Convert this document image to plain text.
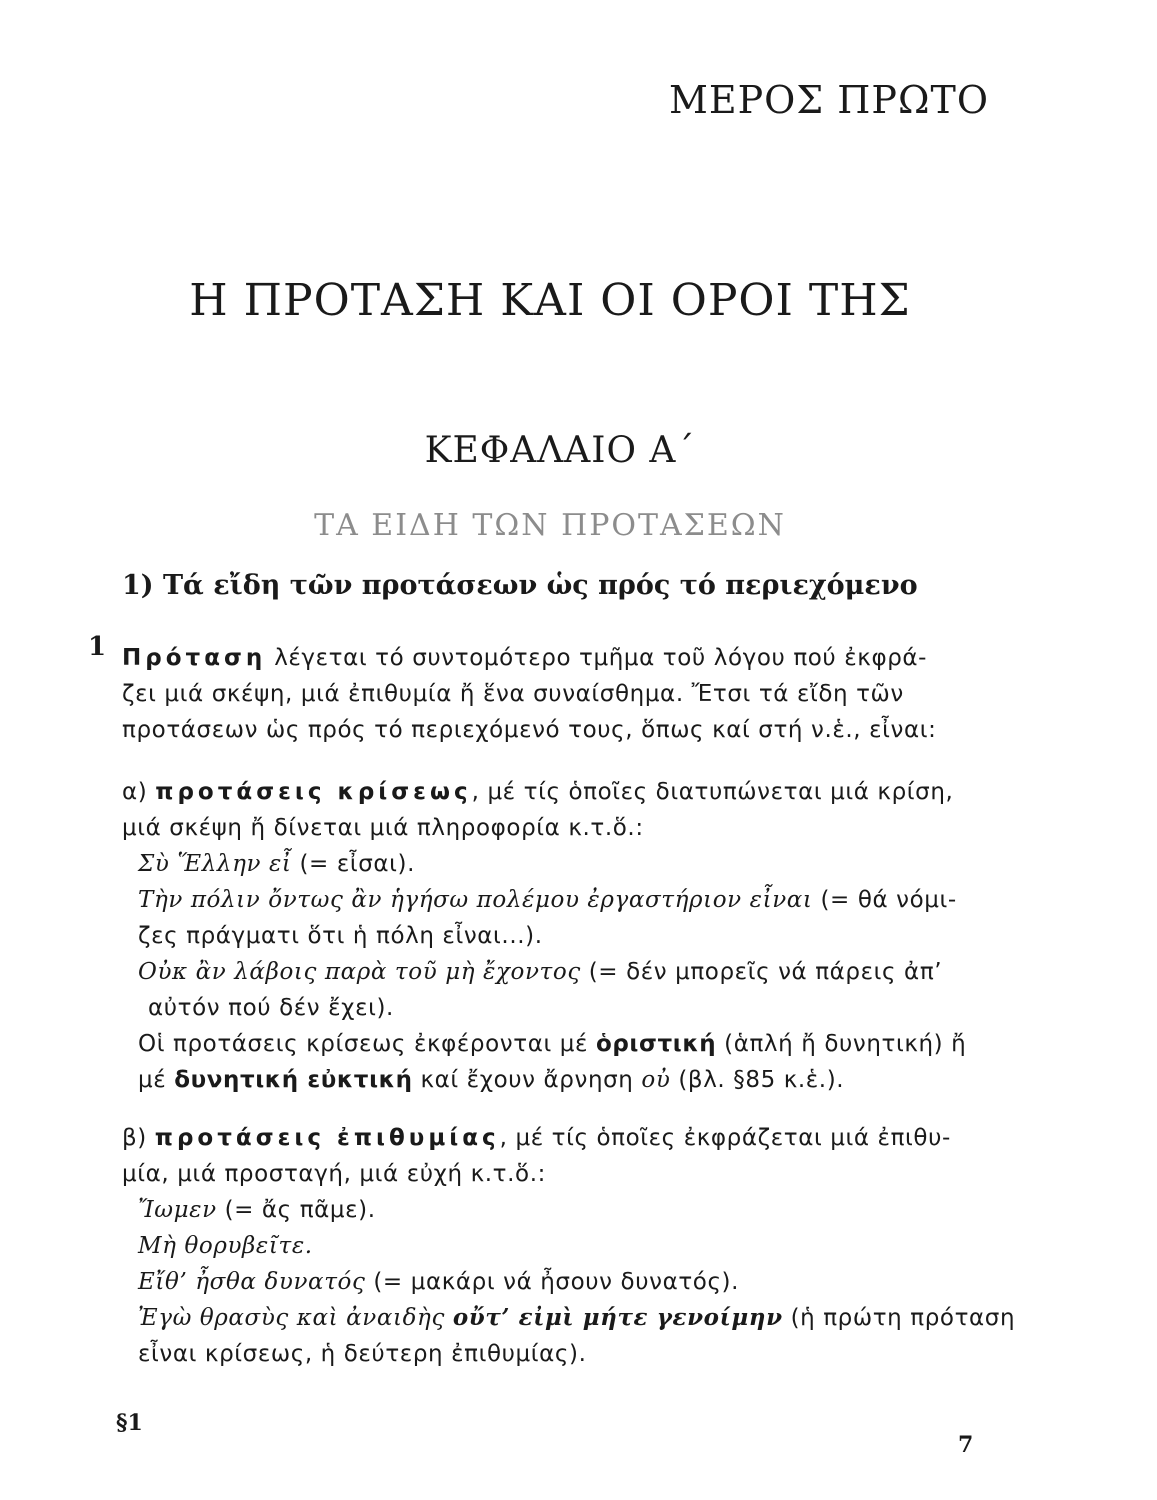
ΜΕΡΟΣ ΠΡΩΤΟ
Η ΠΡΟΤΑΣΗ ΚΑΙ ΟΙ ΟΡΟΙ ΤΗΣ
ΚΕΦΑΛΑΙΟ Α΄
ΤΑ ΕΙΔΗ ΤΩΝ ΠΡΟΤΑΣΕΩΝ
1) Τά εἴδη τῶν προτάσεων ὡς πρός τό περιεχόμενο
1 Πρόταση λέγεται τό συντομότερο τμῆμα τοῦ λόγου πού ἐκφρά-
ζει μιά σκέψη, μιά ἐπιθυμία ἤ ἕνα συναίσθημα. Ἔτσι τά εἴδη τῶν
προτάσεων ὡς πρός τό περιεχόμενό τους, ὅπως καί στή ν.ἑ., εἶναι:
α) προτάσεις κρίσεως, μέ τίς ὁποῖες διατυπώνεται μιά κρίση,
μιά σκέψη ἤ δίνεται μιά πληροφορία κ.τ.ὅ.:
Σὺ Ἕλλην εἶ (= εἶσαι).
Τὴν πόλιν ὄντως ἂν ἡγήσω πολέμου ἐργαστήριον εἶναι (= θά νόμι-
ζες πράγματι ὅτι ἡ πόλη εἶναι...).
Οὐκ ἂν λάβοις παρὰ τοῦ μὴ ἔχοντος (= δέν μπορεῖς νά πάρεις ἀπ’
αὐτόν πού δέν ἔχει).
Οἱ προτάσεις κρίσεως ἐκφέρονται μέ ὁριστική (ἁπλή ἤ δυνητική) ἤ
μέ δυνητική εὐκτική καί ἔχουν ἄρνηση οὐ (βλ. §85 κ.ἑ.).
β) προτάσεις ἐπιθυμίας, μέ τίς ὁποῖες ἐκφράζεται μιά ἐπιθυ-
μία, μιά προσταγή, μιά εὐχή κ.τ.ὅ.:
Ἴωμεν (= ἄς πᾶμε).
Μὴ θορυβεῖτε.
Εἴθ’ ἦσθα δυνατός (= μακάρι νά ἦσουν δυνατός).
Ἐγὼ θρασὺς καὶ ἀναιδὴς οὔτ’ εἰμὶ μήτε γενοίμην (ἡ πρώτη πρόταση
εἶναι κρίσεως, ἡ δεύτερη ἐπιθυμίας).
§1
7
